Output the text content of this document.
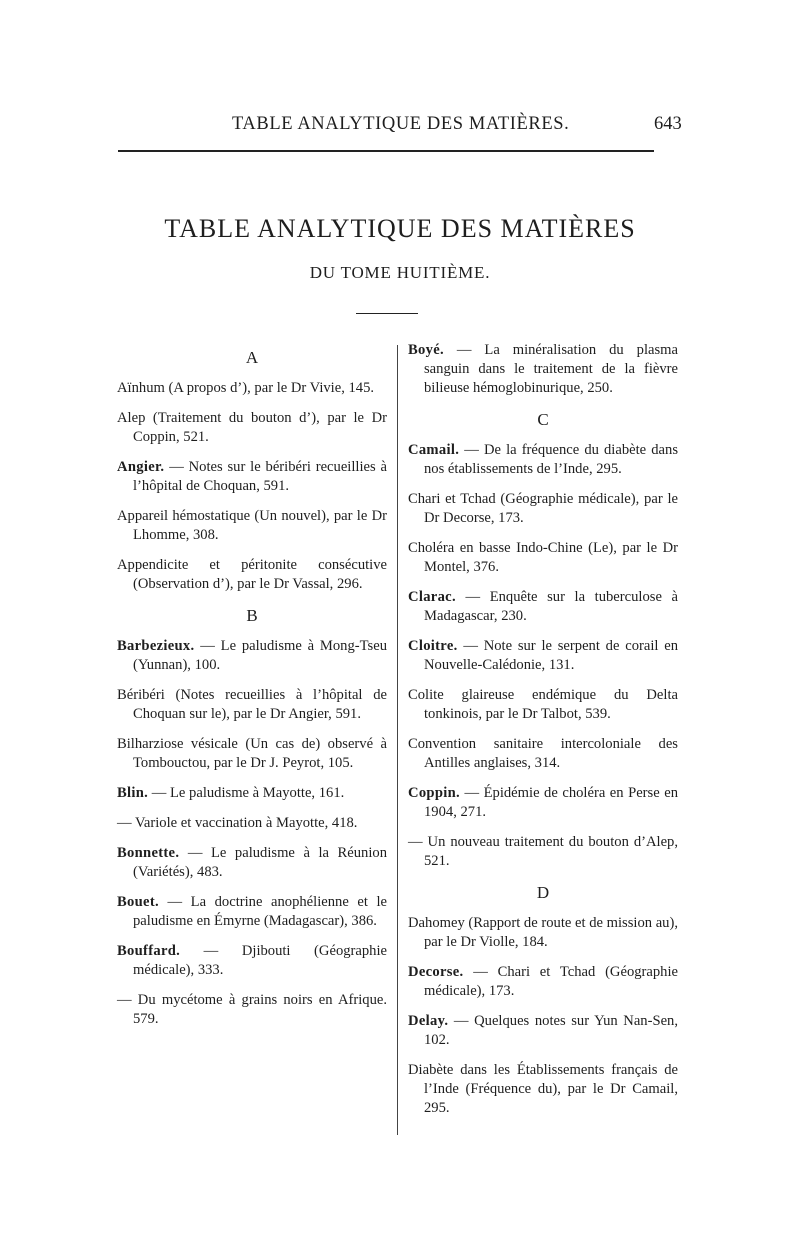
TABLE ANALYTIQUE DES MATIÈRES.	643
TABLE ANALYTIQUE DES MATIÈRES
DU TOME HUITIÈME.
A
Aïnhum (A propos d’), par le Dr Vivie, 145.
Alep (Traitement du bouton d’), par le Dr Coppin, 521.
Angier. — Notes sur le béribéri recueillies à l’hôpital de Choquan, 591.
Appareil hémostatique (Un nouvel), par le Dr Lhomme, 308.
Appendicite et péritonite consécutive (Observation d’), par le Dr Vassal, 296.
B
Barbezieux. — Le paludisme à Mong-Tseu (Yunnan), 100.
Béribéri (Notes recueillies à l’hôpital de Choquan sur le), par le Dr Angier, 591.
Bilharziose vésicale (Un cas de) observé à Tombouctou, par le Dr J. Peyrot, 105.
Blin. — Le paludisme à Mayotte, 161.
— Variole et vaccination à Mayotte, 418.
Bonnette. — Le paludisme à la Réunion (Variétés), 483.
Bouet. — La doctrine anophélienne et le paludisme en Émyrne (Madagascar), 386.
Bouffard. — Djibouti (Géographie médicale), 333.
— Du mycétome à grains noirs en Afrique. 579.
Boyé. — La minéralisation du plasma sanguin dans le traitement de la fièvre bilieuse hémoglobinurique, 250.
C
Camail. — De la fréquence du diabète dans nos établissements de l’Inde, 295.
Chari et Tchad (Géographie médicale), par le Dr Decorse, 173.
Choléra en basse Indo-Chine (Le), par le Dr Montel, 376.
Clarac. — Enquête sur la tuberculose à Madagascar, 230.
Cloitre. — Note sur le serpent de corail en Nouvelle-Calédonie, 131.
Colite glaireuse endémique du Delta tonkinois, par le Dr Talbot, 539.
Convention sanitaire intercoloniale des Antilles anglaises, 314.
Coppin. — Épidémie de choléra en Perse en 1904, 271.
— Un nouveau traitement du bouton d’Alep, 521.
D
Dahomey (Rapport de route et de mission au), par le Dr Violle, 184.
Decorse. — Chari et Tchad (Géographie médicale), 173.
Delay. — Quelques notes sur Yun Nan-Sen, 102.
Diabète dans les Établissements français de l’Inde (Fréquence du), par le Dr Camail, 295.
